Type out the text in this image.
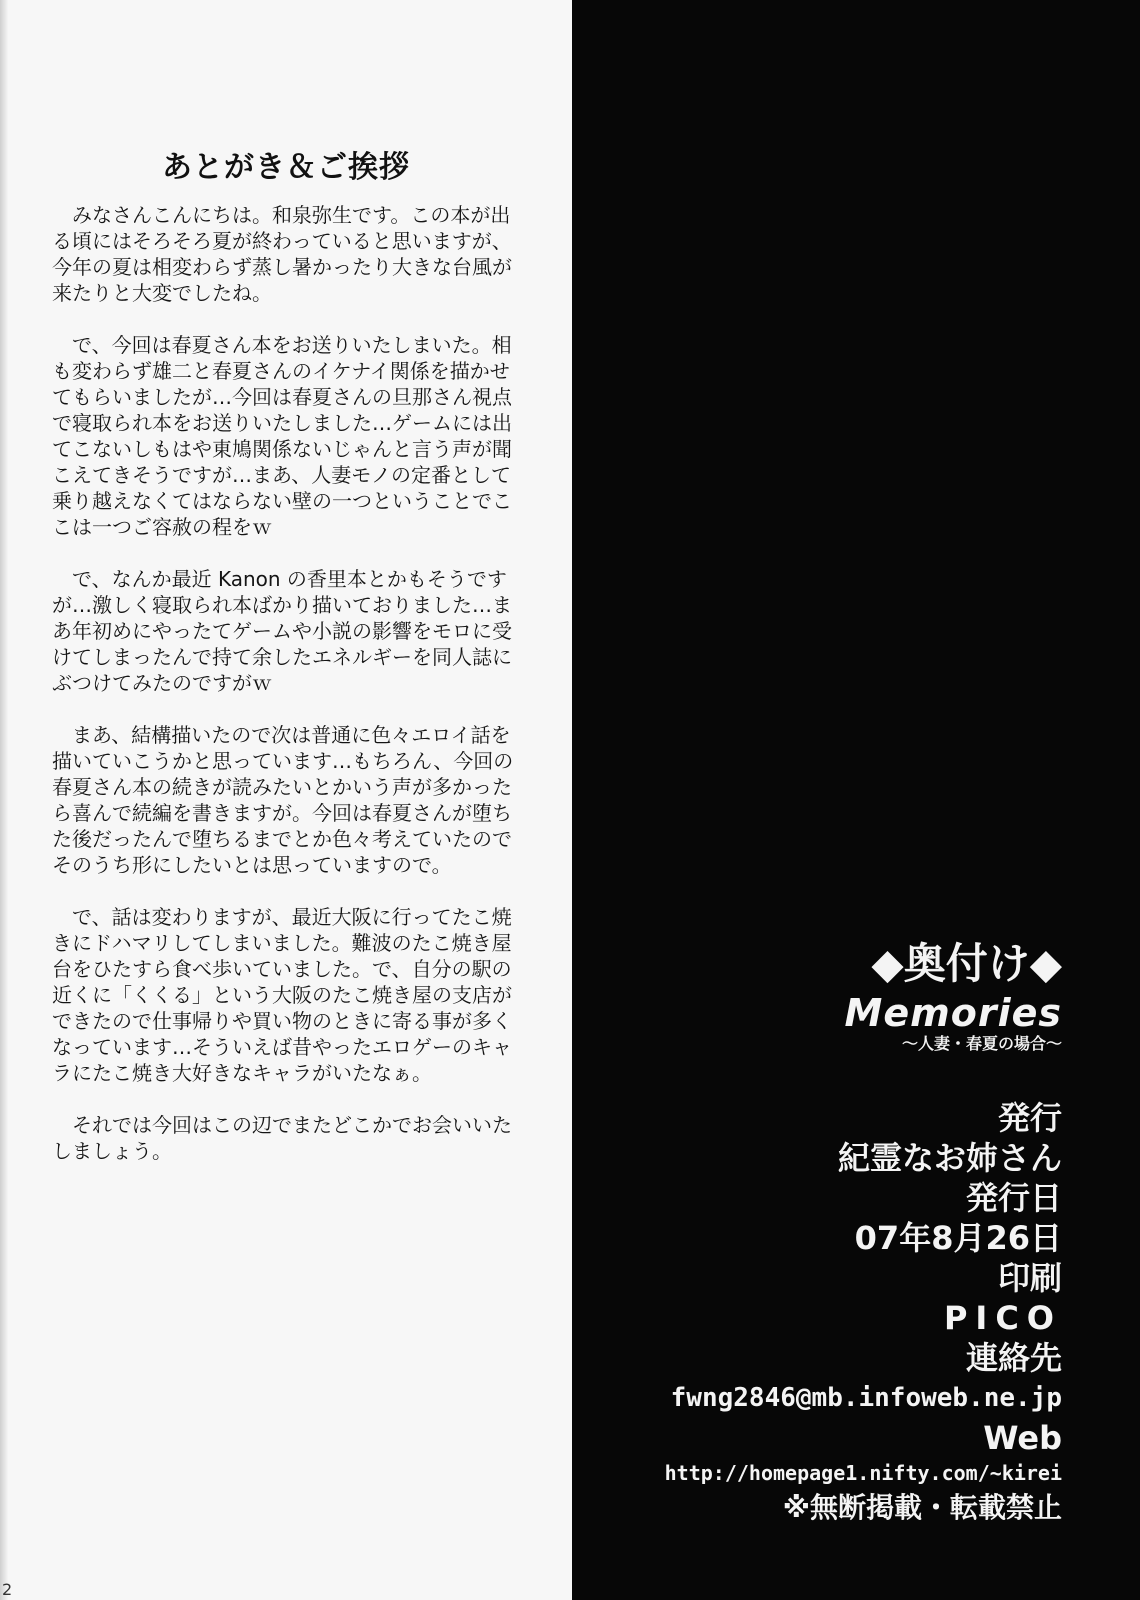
あとがき＆ご挨拶
　みなさんこんにちは。和泉弥生です。この本が出
る頃にはそろそろ夏が終わっていると思いますが、
今年の夏は相変わらず蒸し暑かったり大きな台風が
来たりと大変でしたね。
　で、今回は春夏さん本をお送りいたしまいた。相
も変わらず雄二と春夏さんのイケナイ関係を描かせ
てもらいましたが…今回は春夏さんの旦那さん視点
で寝取られ本をお送りいたしました…ゲームには出
てこないしもはや東鳩関係ないじゃんと言う声が聞
こえてきそうですが…まあ、人妻モノの定番として
乗り越えなくてはならない壁の一つということでこ
こは一つご容赦の程をｗ
　で、なんか最近 Kanon の香里本とかもそうです
が…激しく寝取られ本ばかり描いておりました…ま
あ年初めにやったてゲームや小説の影響をモロに受
けてしまったんで持て余したエネルギーを同人誌に
ぶつけてみたのですがｗ
　まあ、結構描いたので次は普通に色々エロイ話を
描いていこうかと思っています…もちろん、今回の
春夏さん本の続きが読みたいとかいう声が多かった
ら喜んで続編を書きますが。今回は春夏さんが堕ち
た後だったんで堕ちるまでとか色々考えていたので
そのうち形にしたいとは思っていますので。
　で、話は変わりますが、最近大阪に行ってたこ焼
きにドハマリしてしまいました。難波のたこ焼き屋
台をひたすら食べ歩いていました。で、自分の駅の
近くに「くくる」という大阪のたこ焼き屋の支店が
できたので仕事帰りや買い物のときに寄る事が多く
なっています…そういえば昔やったエロゲーのキャ
ラにたこ焼き大好きなキャラがいたなぁ。
　それでは今回はこの辺でまたどこかでお会いいた
しましょう。
2
◆奥付け◆
Memories
～人妻・春夏の場合～
発行
紀霊なお姉さん
発行日
07年8月26日
印刷
PICO
連絡先
fwng2846@mb.infoweb.ne.jp
Web
http://homepage1.nifty.com/~kirei
※無断掲載・転載禁止
